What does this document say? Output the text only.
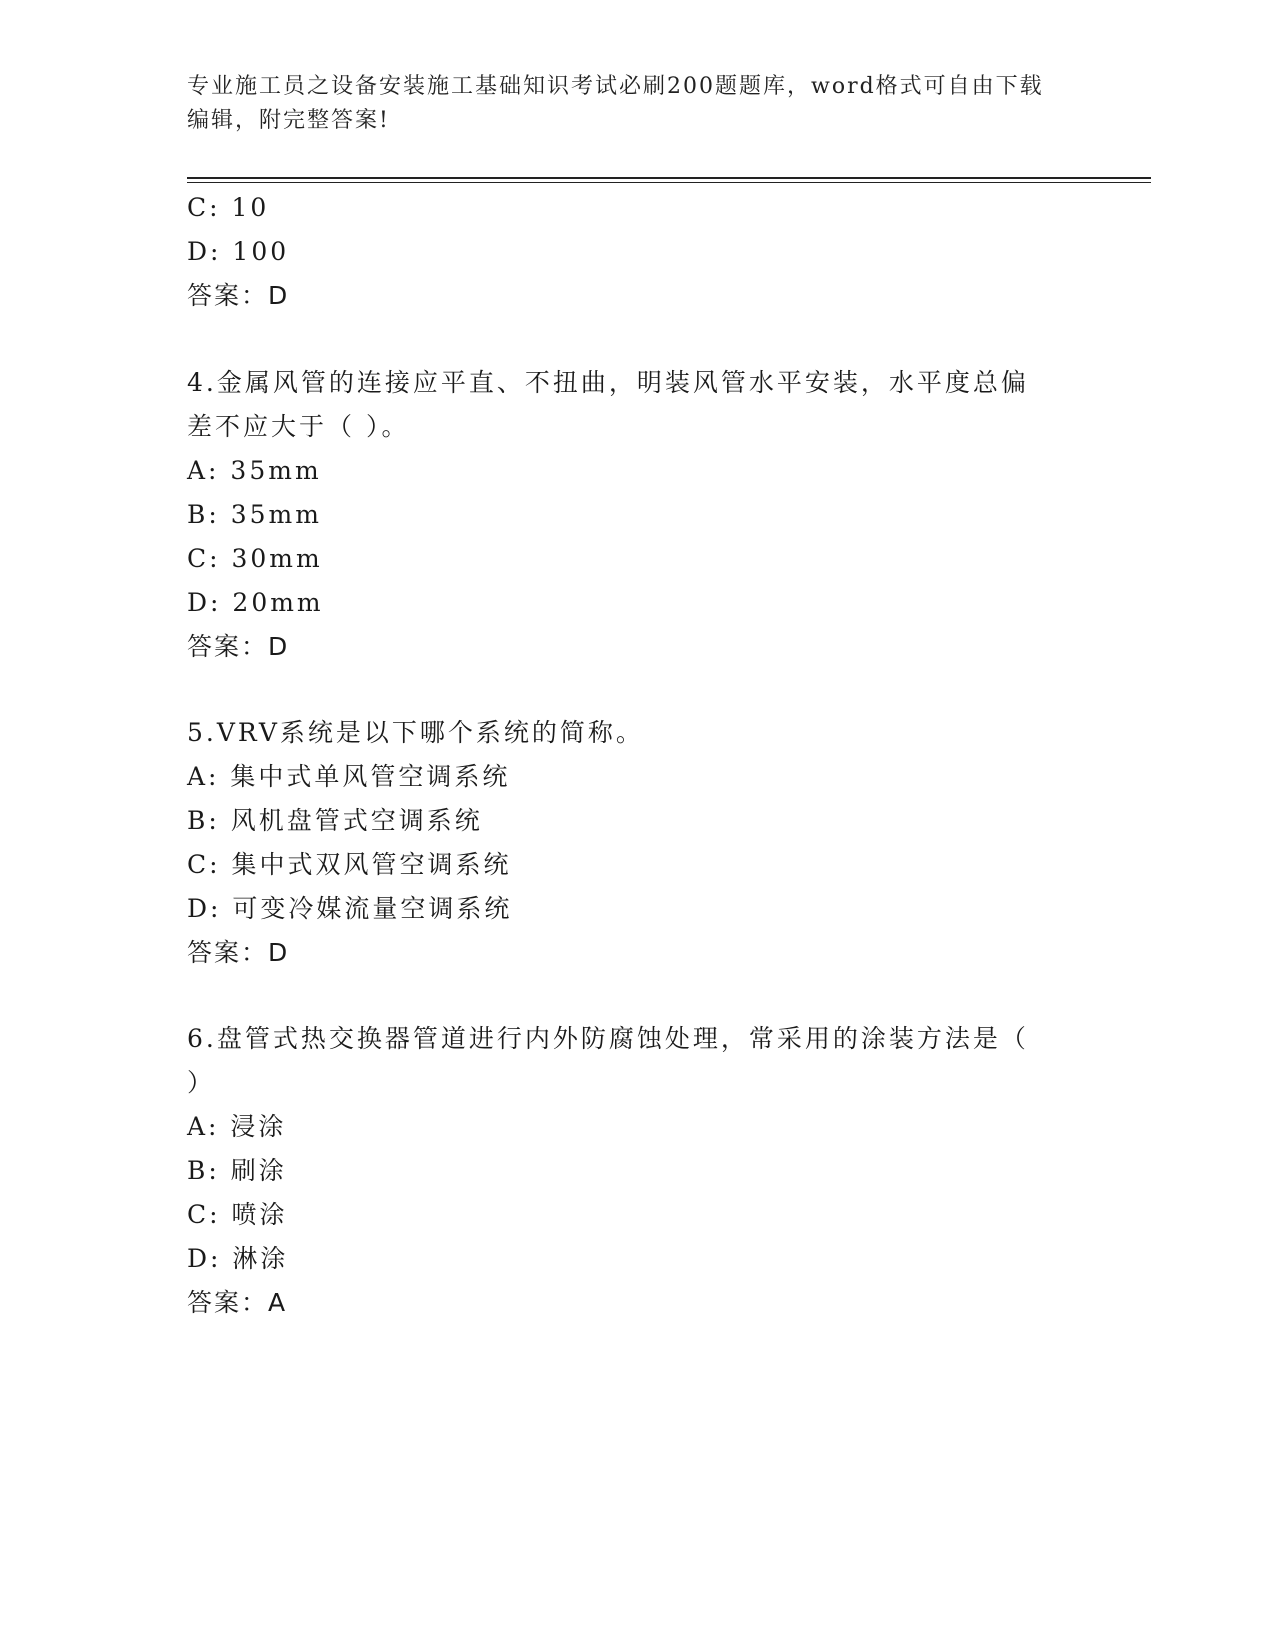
专业施工员之设备安装施工基础知识考试必刷200题题库，word格式可自由下载
编辑，附完整答案!
C: 10
D: 100
答案：D
4.金属风管的连接应平直、不扭曲，明装风管水平安装，水平度总偏
差不应大于（ ）。
A: 35mm
B: 35mm
C: 30mm
D: 20mm
答案：D
5.VRV系统是以下哪个系统的简称。
A: 集中式单风管空调系统
B: 风机盘管式空调系统
C: 集中式双风管空调系统
D: 可变冷媒流量空调系统
答案：D
6.盘管式热交换器管道进行内外防腐蚀处理，常采用的涂装方法是（
）
A: 浸涂
B: 刷涂
C: 喷涂
D: 淋涂
答案：A
